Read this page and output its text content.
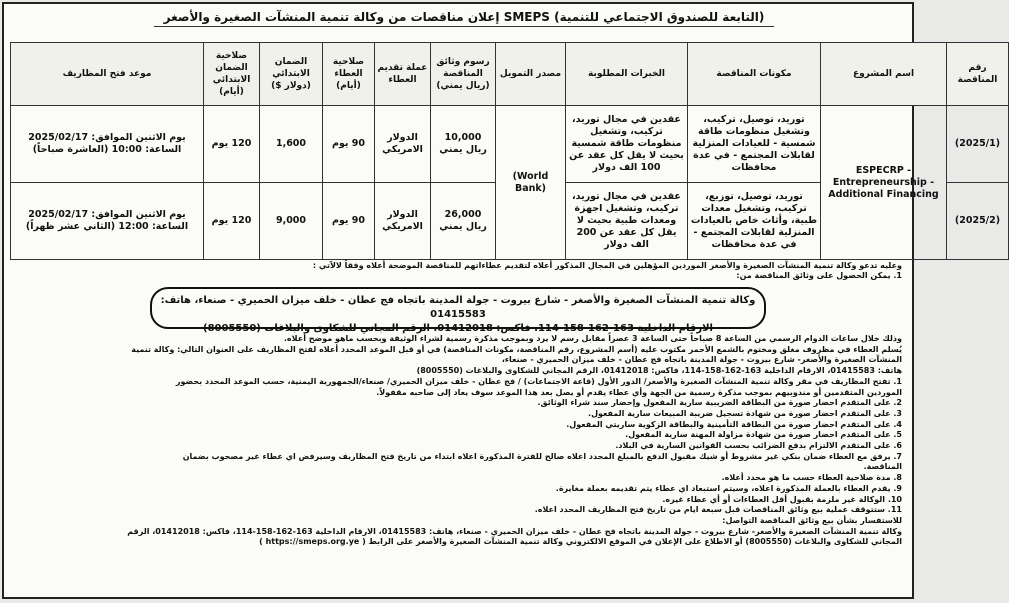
إعلان مناقصات من وكالة تنمية المنشآت الصغيرة والأصغر SMEPS (التابعة للصندوق الاجتماعي للتنمية)
رقم المناقصة	اسم المشروع	مكونات المناقصة	الخبرات المطلوبة	مصدر التمويل	رسوم وثائق المناقصة (ريال يمني)	عملة تقديم العطاء	صلاحية العطاء (أيام)	الضمان الابتدائي (دولار $)	صلاحية الضمان الابتدائي (أيام)	موعد فتح المظاريف
(2025/1)	ESPECRP - Entrepreneurship - Additional Financing	توريد، توصيل، تركيب، وتشغيل منظومات طاقة شمسية - للعيادات المنزلية لقابلات المجتمع - في عدة محافظات	عقدين في مجال توريد، تركيب، وتشغيل منظومات طاقة شمسية بحيث لا يقل كل عقد عن 100 الف دولار	(World Bank)	10,000 ريال يمني	الدولار الامريكي	90 يوم	1,600	120 يوم	يوم الاثنين الموافق: 2025/02/17 الساعة: 10:00 (العاشرة صباحاً)
(2025/2)		توريد، توصيل، توزيع، تركيب، وتشغيل معدات طبية، وأثاث خاص بالعيادات المنزلية لقابلات المجتمع - في عدة محافظات	عقدين في مجال توريد، تركيب، وتشغيل اجهزة ومعدات طبية بحيث لا يقل كل عقد عن 200 الف دولار		26,000 ريال يمني	الدولار الامريكي	90 يوم	9,000	120 يوم	يوم الاثنين الموافق: 2025/02/17 الساعة: 12:00 (الثاني عشر ظهراً)
وعليه تدعو وكالة تنمية المنشآت الصغيرة والأصغر الموردين المؤهلين في المجال المذكور أعلاه لتقديم عطاءاتهم للمناقصة الموضحة أعلاه وفقاً لالآتي :
1. يمكن الحصول على وثائق المناقصة من:
وكالة تنمية المنشآت الصغيرة والأصغر - شارع بيروت - جولة المدينة باتجاه فج عطان - خلف ميزان الحميري - صنعاء، هاتف: 01415583
الارقام الداخلية 163-162-158-114، فاكس: 01412018، الرقم المجاني للشكاوى والبلاغات (8005550)
وذلك خلال ساعات الدوام الرسمي من الساعة 8 صباحاً حتى الساعة 3 عصراً مقابل رسم لا يرد وبموجب مذكرة رسمية لشراء الوثيقة وبحسب ماهو موضح أعلاه.
يُسلم العطاء في مظروف مغلق ومختوم بالشمع الأحمر مكتوب عليه (أسم المشروع، رقم المناقصة، مكونات المناقصة) في أو قبل الموعد المحدد أعلاه لفتح المظاريف على العنوان التالي: وكالة تنمية
المنشآت الصغيرة والأصغر- شارع بيروت - جولة المدينة باتجاه فج عطان - خلف ميزان الحميري - صنعاء،
هاتف: 01415583، الارقام الداخلية 163-162-158-114، فاكس: 01412018، الرقم المجاني للشكاوى والبلاغات (8005550)
1. تفتح المظاريف في مقر وكالة تنمية المنشآت الصغيرة والأصغر/ الدور الأول (قاعة الاجتماعات) / فج عطان - خلف ميزان الحميري/ صنعاء/الجمهورية اليمنية، حسب الموعد المحدد بحضور
الموردين المتقدمين أو مندوبيهم بموجب مذكرة رسمية من الجهة وأي عطاء يقدم أو يصل بعد هذا الموعد سوف يعاد إلى صاحبه مقفولاً.
2. على المتقدم احضار صورة من البطاقة الضريبية سارية المفعول وإحضار سند شراء الوثائق.
3. على المتقدم احضار صورة من شهادة تسجيل ضريبة المبيعات سارية المفعول.
4. على المتقدم احضار صورة من البطاقة التأمينية والبطاقة الزكوية ساريتي المفعول.
5. على المتقدم احضار صورة من شهادة مزاولة المهنة سارية المفعول.
6. على المتقدم الالتزام بدفع الضرائب بحسب القوانين السارية في البلاد.
7. يرفق مع العطاء ضمان بنكي غير مشروط أو شيك مقبول الدفع بالمبلغ المحدد اعلاه صالح للفترة المذكورة اعلاه ابتداء من تاريخ فتح المظاريف وسيرفض اي عطاء غير مصحوب بضمان
المناقصة.
8. مدة صلاحية العطاء حسب ما هو محدد أعلاه.
9. يقدم العطاء بالعملة المذكورة اعلاه، وسيتم استبعاد اي عطاء يتم تقديمه بعملة مغايرة.
10. الوكالة غير ملزمة بقبول أقل العطاءات أو أي عطاء غيره.
11. ستتوقف عملية بيع وثائق المناقصات قبل سبعة ايام من تاريخ فتح المظاريف المحدد اعلاه.
للاستفسار بشأن بيع وثائق المناقصة التواصل:
وكالة تنمية المنشآت الصغيرة والأصغر- شارع بيروت - جولة المدينة باتجاه فج عطان - خلف ميزان الحميري - صنعاء، هاتف: 01415583، الارقام الداخلية 163-162-158-114، فاكس: 01412018، الرقم
المجاني للشكاوى والبلاغات (8005550) أو الاطلاع على الإعلان في الموقع الالكتروني وكالة تنمية المنشآت الصغيرة والأصغر على الرابط ( https://smeps.org.ye )
